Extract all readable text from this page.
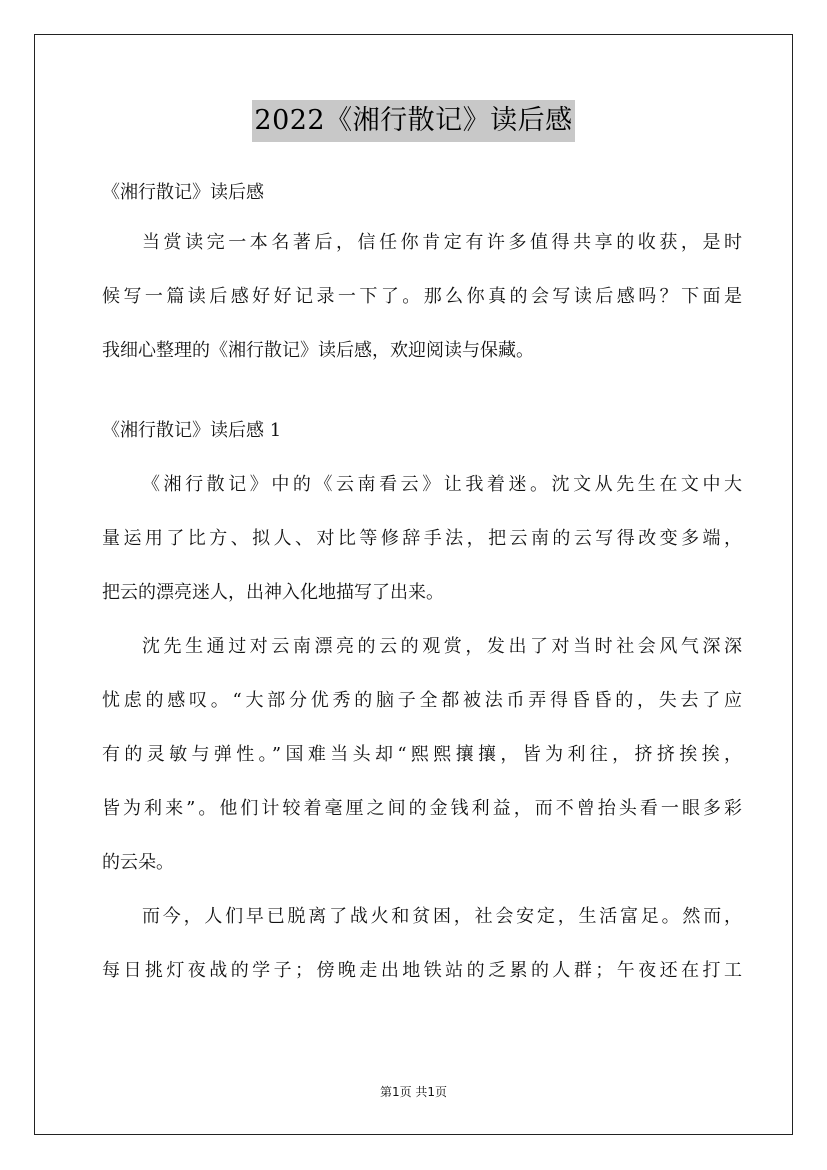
2022《湘行散记》读后感

《湘行散记》读后感

当赏读完一本名著后，信任你肯定有许多值得共享的收获，是时
候写一篇读后感好好记录一下了。那么你真的会写读后感吗？下面是
我细心整理的《湘行散记》读后感，欢迎阅读与保藏。

《湘行散记》读后感 1

《湘行散记》中的《云南看云》让我着迷。沈文从先生在文中大
量运用了比方、拟人、对比等修辞手法，把云南的云写得改变多端，
把云的漂亮迷人，出神入化地描写了出来。
沈先生通过对云南漂亮的云的观赏，发出了对当时社会风气深深
忧虑的感叹。“大部分优秀的脑子全都被法币弄得昏昏的，失去了应
有的灵敏与弹性。”国难当头却“熙熙攘攘，皆为利往，挤挤挨挨，
皆为利来”。他们计较着毫厘之间的金钱利益，而不曾抬头看一眼多彩
的云朵。
而今，人们早已脱离了战火和贫困，社会安定，生活富足。然而，
每日挑灯夜战的学子；傍晚走出地铁站的乏累的人群；午夜还在打工
第1页 共1页
